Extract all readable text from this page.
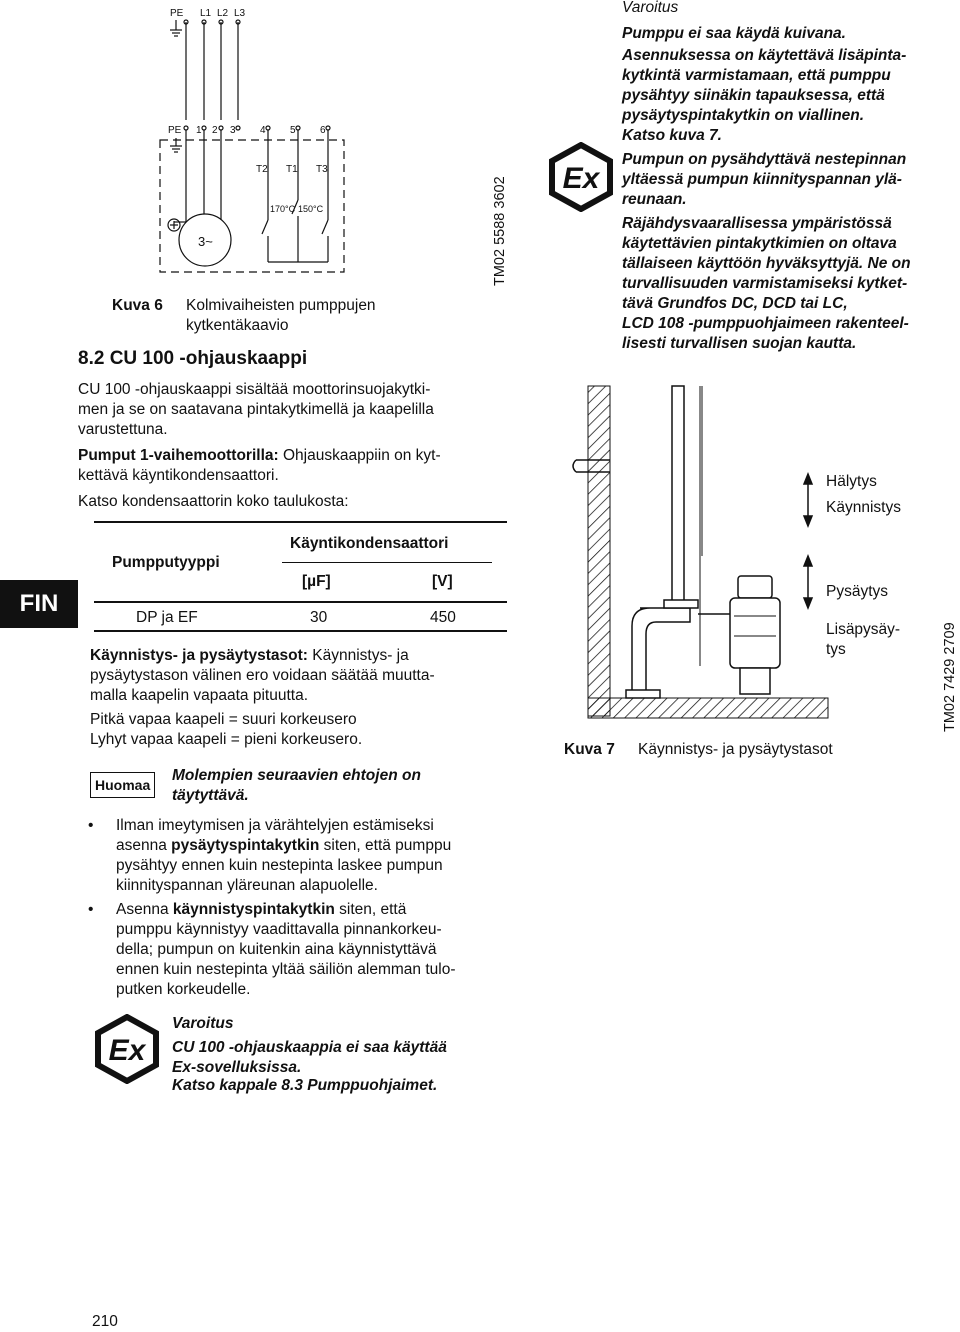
PE L1 L2 L3
PE 1 2 3 4 5 6
T2 T1 T3
170°C 150°C
3~	TM02 5588 3602
Kuva 6 Kolmivaiheisten pumppujen
kytkentäkaavio
8.2 CU 100 -ohjauskaappi
CU 100 -ohjauskaappi sisältää moottorinsuojakytki-
men ja se on saatavana pintakytkimellä ja kaapelilla
varustettuna.
Pumput 1-vaihemoottorilla: Ohjauskaappiin on kyt-
kettävä käyntikondensaattori.
Katso kondensaattorin koko taulukosta:
FIN
Pumpputyyppi
Käyntikondensaattori
[µF]	[V]
DP ja EF	30	450
Käynnistys- ja pysäytystasot: Käynnistys- ja
pysäytystason välinen ero voidaan säätää muutta-
malla kaapelin vapaata pituutta.
Pitkä vapaa kaapeli = suuri korkeusero
Lyhyt vapaa kaapeli = pieni korkeusero.
Huomaa
Molempien seuraavien ehtojen on
täytyttävä.
• Ilman imeytymisen ja värähtelyjen estämiseksi
asenna pysäytyspintakytkin siten, että pumppu
pysähtyy ennen kuin nestepinta laskee pumpun
kiinnityspannan yläreunan alapuolelle.
• Asenna käynnistyspintakytkin siten, että
pumppu käynnistyy vaadittavalla pinnankorkeu-
della; pumpun on kuitenkin aina käynnistyttävä
ennen kuin nestepinta yltää säiliön alemman tulo-
putken korkeudelle.
Ex
Varoitus
CU 100 -ohjauskaappia ei saa käyttää
Ex-sovelluksissa.
Katso kappale 8.3 Pumppuohjaimet.
210
Ex
Varoitus
Pumppu ei saa käydä kuivana.
Asennuksessa on käytettävä lisäpinta-
kytkintä varmistamaan, että pumppu
pysähtyy siinäkin tapauksessa, että
pysäytyspintakytkin on viallinen.
Katso kuva 7.
Pumpun on pysähdyttävä nestepinnan
yltäessä pumpun kiinnityspannan ylä-
reunaan.
Räjähdysvaarallisessa ympäristössä
käytettävien pintakytkimien on oltava
tällaiseen käyttöön hyväksyttyjä. Ne on
turvallisuuden varmistamiseksi kytket-
tävä Grundfos DC, DCD tai LC,
LCD 108 -pumppuohjaimeen rakenteel-
lisesti turvallisen suojan kautta.
Hälytys
Käynnistys
Pysäytys
Lisäpysäy-
tys	TM02 7429 2709
Kuva 7 Käynnistys- ja pysäytystasot
